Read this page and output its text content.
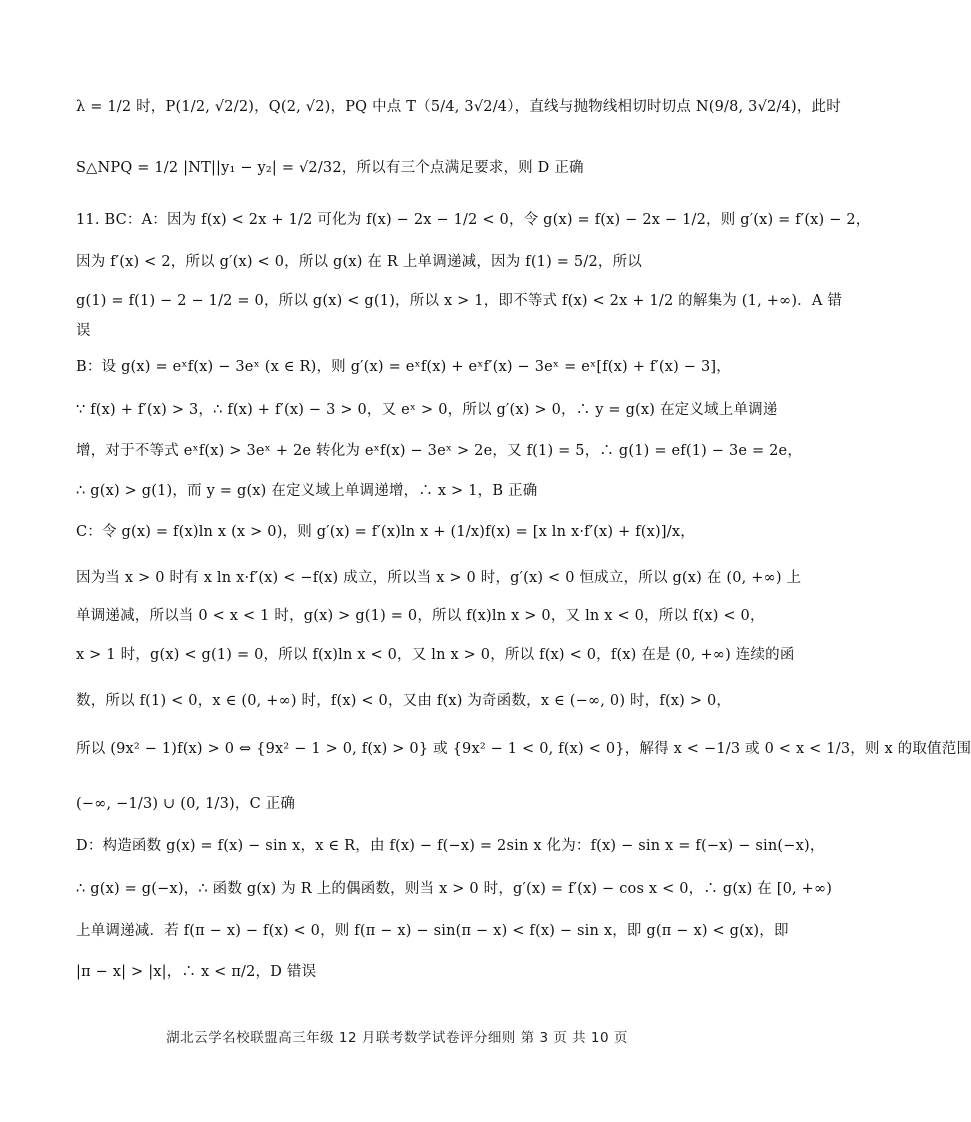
λ = 1/2 时，P(1/2, √2/2)，Q(2, √2)，PQ 中点 T（5/4, 3√2/4），直线与抛物线相切时切点 N(9/8, 3√2/4)，此时
S△NPQ = 1/2 |NT||y₁ − y₂| = √2/32，所以有三个点满足要求，则 D 正确
11. BC：A：因为 f(x) < 2x + 1/2 可化为 f(x) − 2x − 1/2 < 0，令 g(x) = f(x) − 2x − 1/2，则 g′(x) = f′(x) − 2，
因为 f′(x) < 2，所以 g′(x) < 0，所以 g(x) 在 R 上单调递减，因为 f(1) = 5/2，所以
g(1) = f(1) − 2 − 1/2 = 0，所以 g(x) < g(1)，所以 x > 1，即不等式 f(x) < 2x + 1/2 的解集为 (1, +∞)．A 错
误
B：设 g(x) = eˣf(x) − 3eˣ (x ∈ R)，则 g′(x) = eˣf(x) + eˣf′(x) − 3eˣ = eˣ[f(x) + f′(x) − 3]，
∵ f(x) + f′(x) > 3，∴ f(x) + f′(x) − 3 > 0，又 eˣ > 0，所以 g′(x) > 0，∴ y = g(x) 在定义域上单调递
增，对于不等式 eˣf(x) > 3eˣ + 2e 转化为 eˣf(x) − 3eˣ > 2e，又 f(1) = 5，∴ g(1) = ef(1) − 3e = 2e，
∴ g(x) > g(1)，而 y = g(x) 在定义域上单调递增，∴ x > 1，B 正确
C：令 g(x) = f(x)ln x (x > 0)，则 g′(x) = f′(x)ln x + (1/x)f(x) = [x ln x·f′(x) + f(x)]/x，
因为当 x > 0 时有 x ln x·f′(x) < −f(x) 成立，所以当 x > 0 时，g′(x) < 0 恒成立，所以 g(x) 在 (0, +∞) 上
单调递减，所以当 0 < x < 1 时，g(x) > g(1) = 0，所以 f(x)ln x > 0，又 ln x < 0，所以 f(x) < 0，
x > 1 时，g(x) < g(1) = 0，所以 f(x)ln x < 0，又 ln x > 0，所以 f(x) < 0，f(x) 在是 (0, +∞) 连续的函
数，所以 f(1) < 0，x ∈ (0, +∞) 时，f(x) < 0，又由 f(x) 为奇函数，x ∈ (−∞, 0) 时，f(x) > 0，
所以 (9x² − 1)f(x) > 0 ⇔ {9x² − 1 > 0, f(x) > 0} 或 {9x² − 1 < 0, f(x) < 0}，解得 x < −1/3 或 0 < x < 1/3，则 x 的取值范围
(−∞, −1/3) ∪ (0, 1/3)，C 正确
D：构造函数 g(x) = f(x) − sin x，x ∈ R，由 f(x) − f(−x) = 2sin x 化为：f(x) − sin x = f(−x) − sin(−x)，
∴ g(x) = g(−x)，∴ 函数 g(x) 为 R 上的偶函数，则当 x > 0 时，g′(x) = f′(x) − cos x < 0，∴ g(x) 在 [0, +∞)
上单调递减．若 f(π − x) − f(x) < 0，则 f(π − x) − sin(π − x) < f(x) − sin x，即 g(π − x) < g(x)，即
|π − x| > |x|，∴ x < π/2，D 错误
湖北云学名校联盟高三年级 12 月联考数学试卷评分细则 第 3 页 共 10 页
